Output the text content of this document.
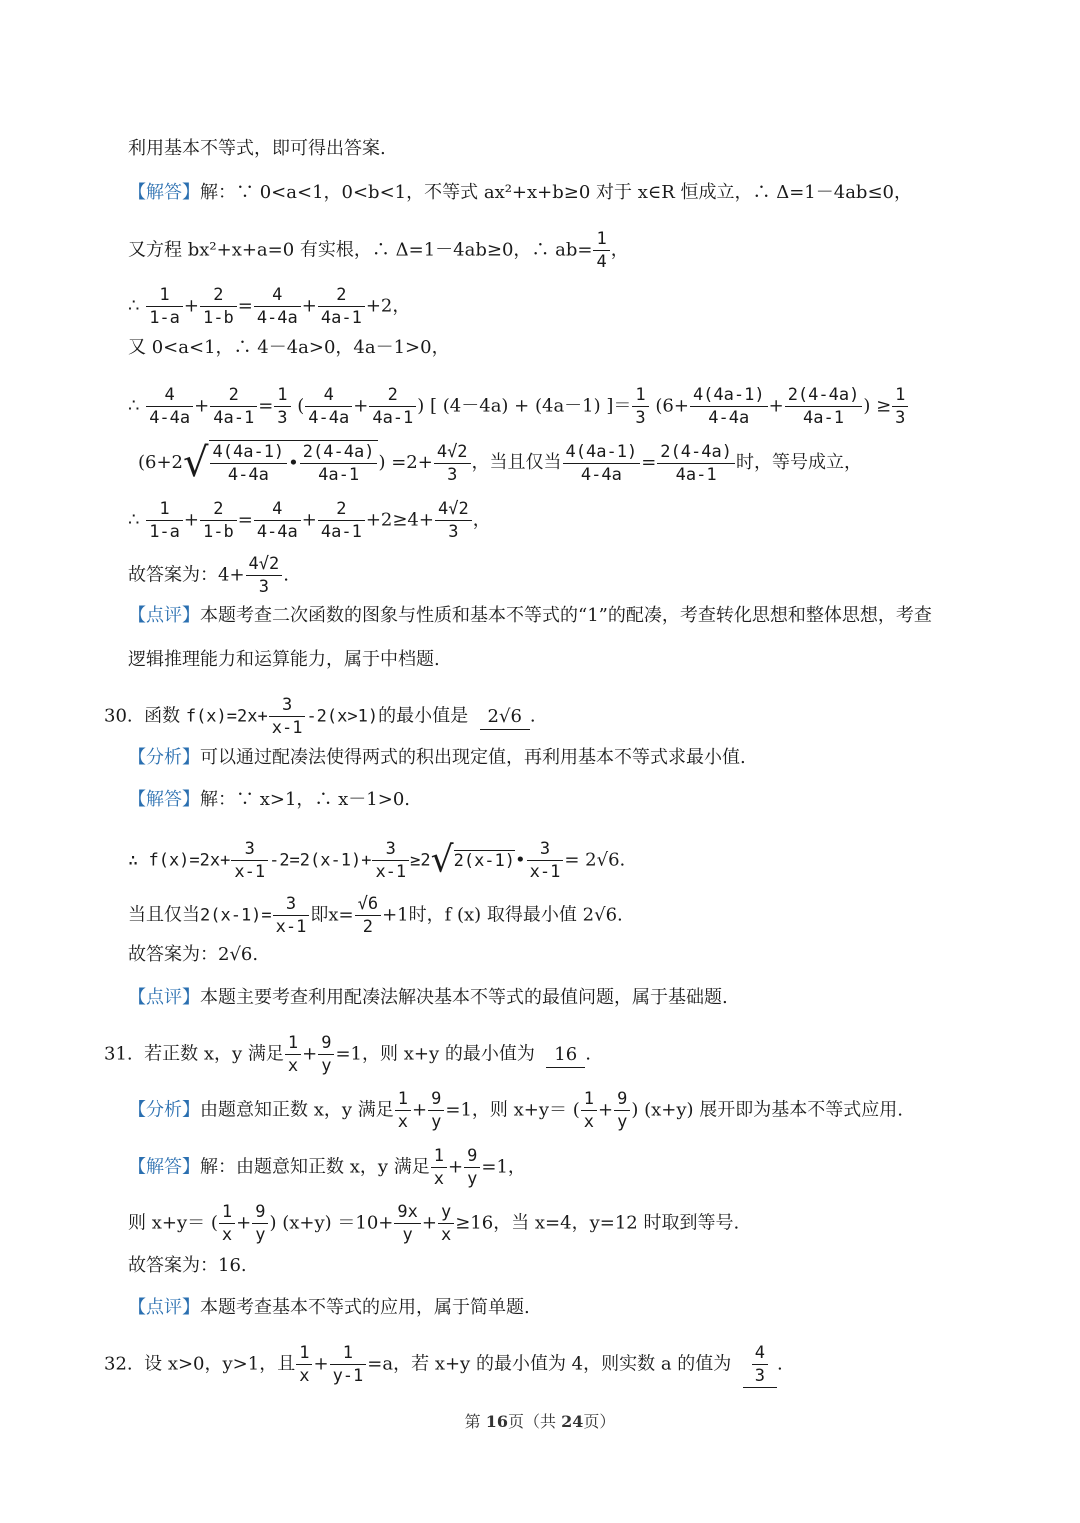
利用基本不等式，即可得出答案.
【解答】解：∵ 0<a<1，0<b<1，不等式 ax²+x+b≥0 对于 x∈R 恒成立，∴ Δ=1－4ab≤0，
又方程 bx²+x+a=0 有实根，∴ Δ=1－4ab≥0，∴ $ab= \frac{1}{4}$ ，
∴ $\frac{1}{1-a} + \frac{2}{1-b} = \frac{4}{4-4a} + \frac{2}{4a-1} +2$，
又 0<a<1，∴ 4－4a>0，4a－1>0，
∴ $\frac{4}{4-4a} + \frac{2}{4a-1} = \frac{1}{3}$ ( $\frac{4}{4-4a} + \frac{2}{4a-1}$ ) [ (4－4a) + (4a－1) ]＝ $\frac{1}{3} (6+ \frac{4(4a-1)}{4-4a} + \frac{2(4-4a)}{4a-1}$ ) ≥ $\frac{1}{3}$
($6+2√ \frac{4(4a-1)}{4-4a}$ • $\frac{2(4-4a)}{4a-1}$ ) $=2+ \frac{4√2}{3}$ ，当且仅当 $\frac{4(4a-1)}{4-4a} = \frac{2(4-4a)}{4a-1}$ 时，等号成立，
∴ $\frac{1}{1-a} + \frac{2}{1-b} = \frac{4}{4-4a} + \frac{2}{4a-1} +2\ge 4+ \frac{4√2}{3}$ ，
故答案为：$4+ \frac{4√2}{3}$ .
【点评】本题考查二次函数的图象与性质和基本不等式的“1”的配凑，考查转化思想和整体思想，考查
逻辑推理能力和运算能力，属于中档题.
30. 函数 $f(x)=2x+ \frac{3}{x-1} -2(x>1)$的最小值是 2√6 .
【分析】可以通过配凑法使得两式的积出现定值，再利用基本不等式求最小值.
【解答】解：∵ x>1，∴ x－1>0.
∴ $f(x)=2x+ \frac{3}{x-1} -2=2(x-1)+ \frac{3}{x-1}$ ≥2√2(x-1)• $\frac{3}{x-1} = 2√6$.
当且仅当$2(x-1)= \frac{3}{x-1}$ 即$x= \frac{√6}{2} +1$时，f (x) 取得最小值 2√6.
故答案为：2√6.
【点评】本题主要考查利用配凑法解决基本不等式的最值问题，属于基础题.
31. 若正数 x，y 满足 $\frac{1}{x} + \frac{9}{y} =1$，则 x+y 的最小值为 16 .
【分析】由题意知正数 x，y 满足 $\frac{1}{x} + \frac{9}{y} =1$，则 x+y＝ ( $\frac{1}{x} + \frac{9}{y}$ ) (x+y) 展开即为基本不等式应用.
【解答】解：由题意知正数 x，y 满足 $\frac{1}{x} + \frac{9}{y} =1$，
则 x+y＝ ( $\frac{1}{x} + \frac{9}{y}$ ) $(x+y) =10+ \frac{9x}{y} + \frac{y}{x} \ge 16$，当 x=4，y=12 时取到等号.
故答案为：16.
【点评】本题考查基本不等式的应用，属于简单题.
32. 设 x>0，y>1，且 $\frac{1}{x} + \frac{1}{y-1} =a$，若 x+y 的最小值为 4，则实数 a 的值为 $\frac{4}{3}$ .
第 16页（共 24页）
